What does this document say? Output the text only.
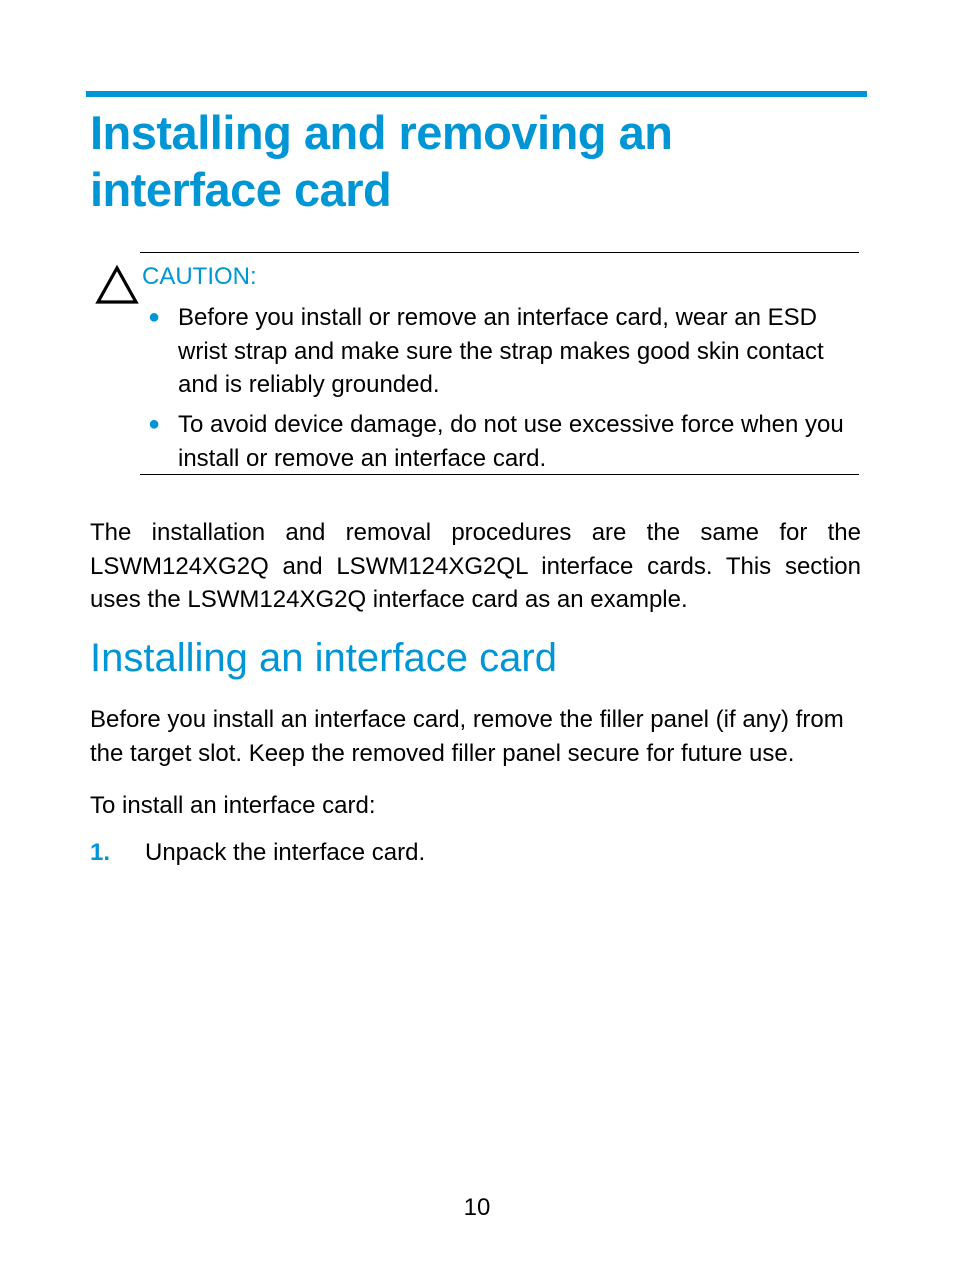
Installing and removing an interface card
CAUTION:
● Before you install or remove an interface card, wear an ESD wrist strap and make sure the strap makes good skin contact and is reliably grounded.
● To avoid device damage, do not use excessive force when you install or remove an interface card.

The installation and removal procedures are the same for the LSWM124XG2Q and LSWM124XG2QL interface cards. This section uses the LSWM124XG2Q interface card as an example.

Installing an interface card

Before you install an interface card, remove the filler panel (if any) from the target slot. Keep the removed filler panel secure for future use.

To install an interface card:

1. Unpack the interface card.
10
